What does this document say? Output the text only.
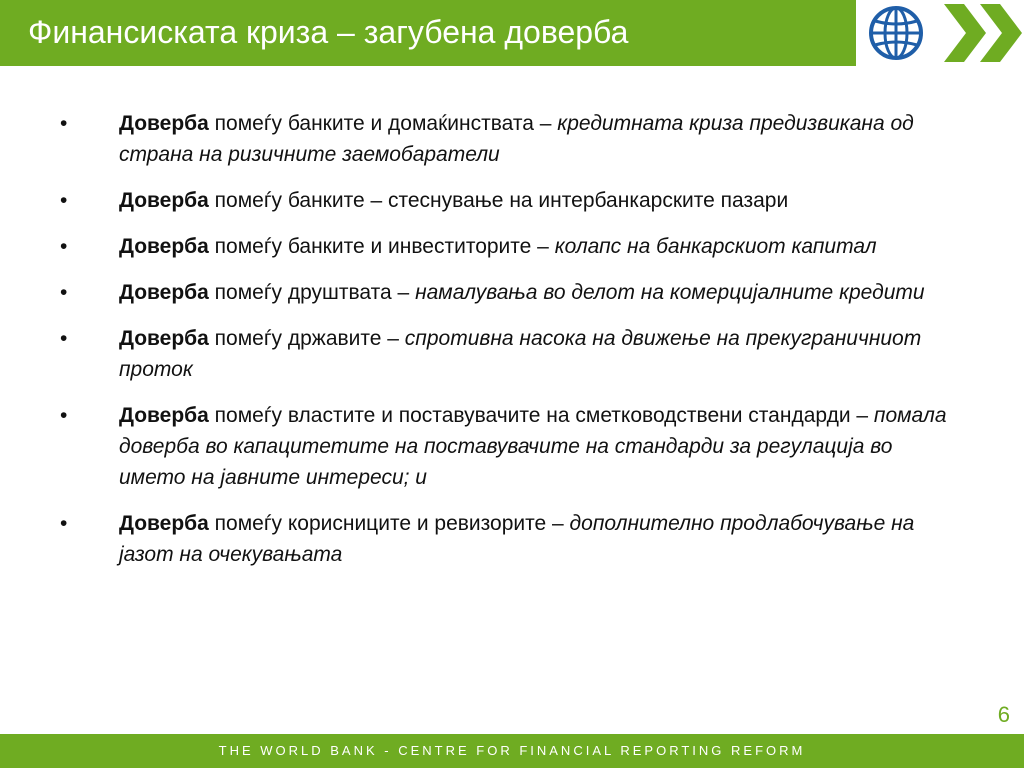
Финансиската криза – загубена доверба
•	Доверба помеѓу банките и домаќинствата – кредитната криза предизвикана од страна на ризичните заемобаратели
•	Доверба помеѓу банките – стеснување на интербанкарските пазари
•	Доверба помеѓу банките и инвеститорите – колапс на банкарскиот капитал
•	Доверба помеѓу друштвата – намалувања во делот на комерцијалните кредити
•	Доверба помеѓу државите – спротивна насока на движење на прекуграничниот проток
•	Доверба помеѓу властите и поставувачите на сметководствени стандарди – помала доверба во капацитетите на поставувачите на стандарди за регулација во името на јавните интереси; и
•	Доверба помеѓу корисниците и ревизорите – дополнително продлабочување на јазот на очекувањата
6
THE WORLD BANK - CENTRE FOR FINANCIAL REPORTING REFORM
